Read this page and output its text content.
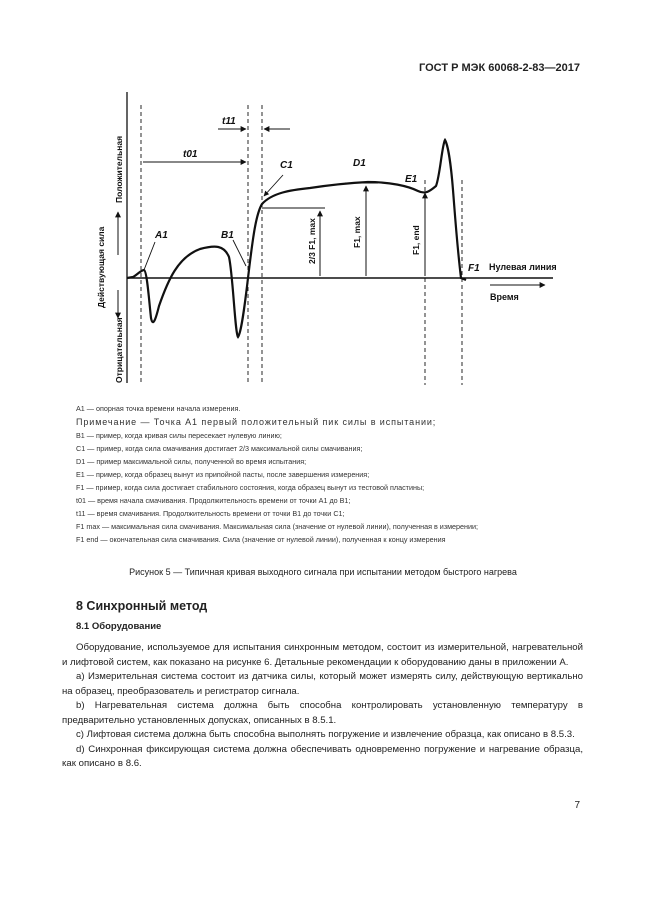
ГОСТ Р МЭК 60068-2-83—2017
t11
t01
C1	D1
E1
A1	B1
F1 Нулевая линия
Время
2/3 F1, max	F1, max	F1, end
Положительная
Действующая сила
Отрицательная
A1 — опорная точка времени начала измерения.
Примечание — Точка A1 первый положительный пик силы в испытании;
B1 — пример, когда кривая силы пересекает нулевую линию;
C1 — пример, когда сила смачивания достигает 2/3 максимальной силы смачивания;
D1 — пример максимальной силы, полученной во время испытания;
E1 — пример, когда образец вынут из припойной пасты, после завершения измерения;
F1 — пример, когда сила достигает стабильного состояния, когда образец вынут из тестовой пластины;
t01 — время начала смачивания. Продолжительность времени от точки A1 до B1;
t11 — время смачивания. Продолжительность времени от точки B1 до точки C1;
F1 max — максимальная сила смачивания. Максимальная сила (значение от нулевой линии), полученная в измерении;
F1 end — окончательная сила смачивания. Сила (значение от нулевой линии), полученная к концу измерения
Рисунок 5 — Типичная кривая выходного сигнала при испытании методом быстрого нагрева
8 Синхронный метод
8.1 Оборудование

Оборудование, используемое для испытания синхронным методом, состоит из измерительной, нагревательной и лифтовой систем, как показано на рисунке 6. Детальные рекомендации к оборудованию даны в приложении А.

а) Измерительная система состоит из датчика силы, который может измерять силу, действующую вертикально на образец, преобразователь и регистратор сигнала.

b) Нагревательная система должна быть способна контролировать установленную температуру в предварительно установленных допусках, описанных в 8.5.1.

c) Лифтовая система должна быть способна выполнять погружение и извлечение образца, как описано в 8.5.3.

d) Синхронная фиксирующая система должна обеспечивать одновременно погружение и нагревание образца, как описано в 8.6.

7
